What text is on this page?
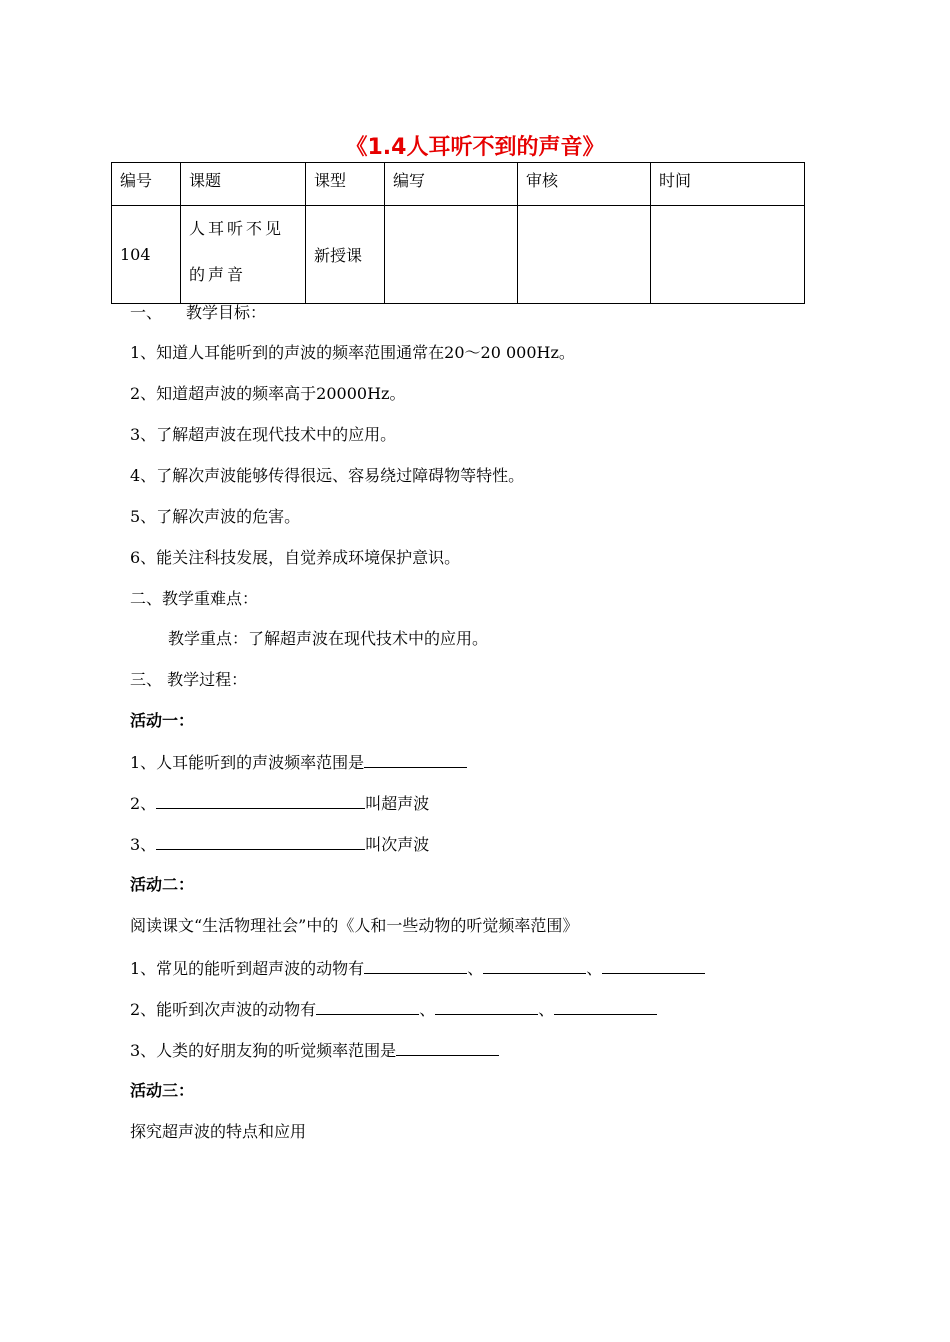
《1.4人耳听不到的声音》
编号	课题	课型	编写	审核	时间
104	人耳听不见的声音	新授课			
一、　　教学目标：
1、知道人耳能听到的声波的频率范围通常在20～20 000Hz。
2、知道超声波的频率高于20000Hz。
3、了解超声波在现代技术中的应用。
4、了解次声波能够传得很远、容易绕过障碍物等特性。
5、了解次声波的危害。
6、能关注科技发展，自觉养成环境保护意识。
二、教学重难点：
教学重点：了解超声波在现代技术中的应用。
三、 教学过程：
活动一：
1、人耳能听到的声波频率范围是
2、	叫超声波
3、	叫次声波
活动二：
阅读课文“生活物理社会”中的《人和一些动物的听觉频率范围》
1、常见的能听到超声波的动物有	、	、
2、能听到次声波的动物有	、	、
3、人类的好朋友狗的听觉频率范围是
活动三：
探究超声波的特点和应用
